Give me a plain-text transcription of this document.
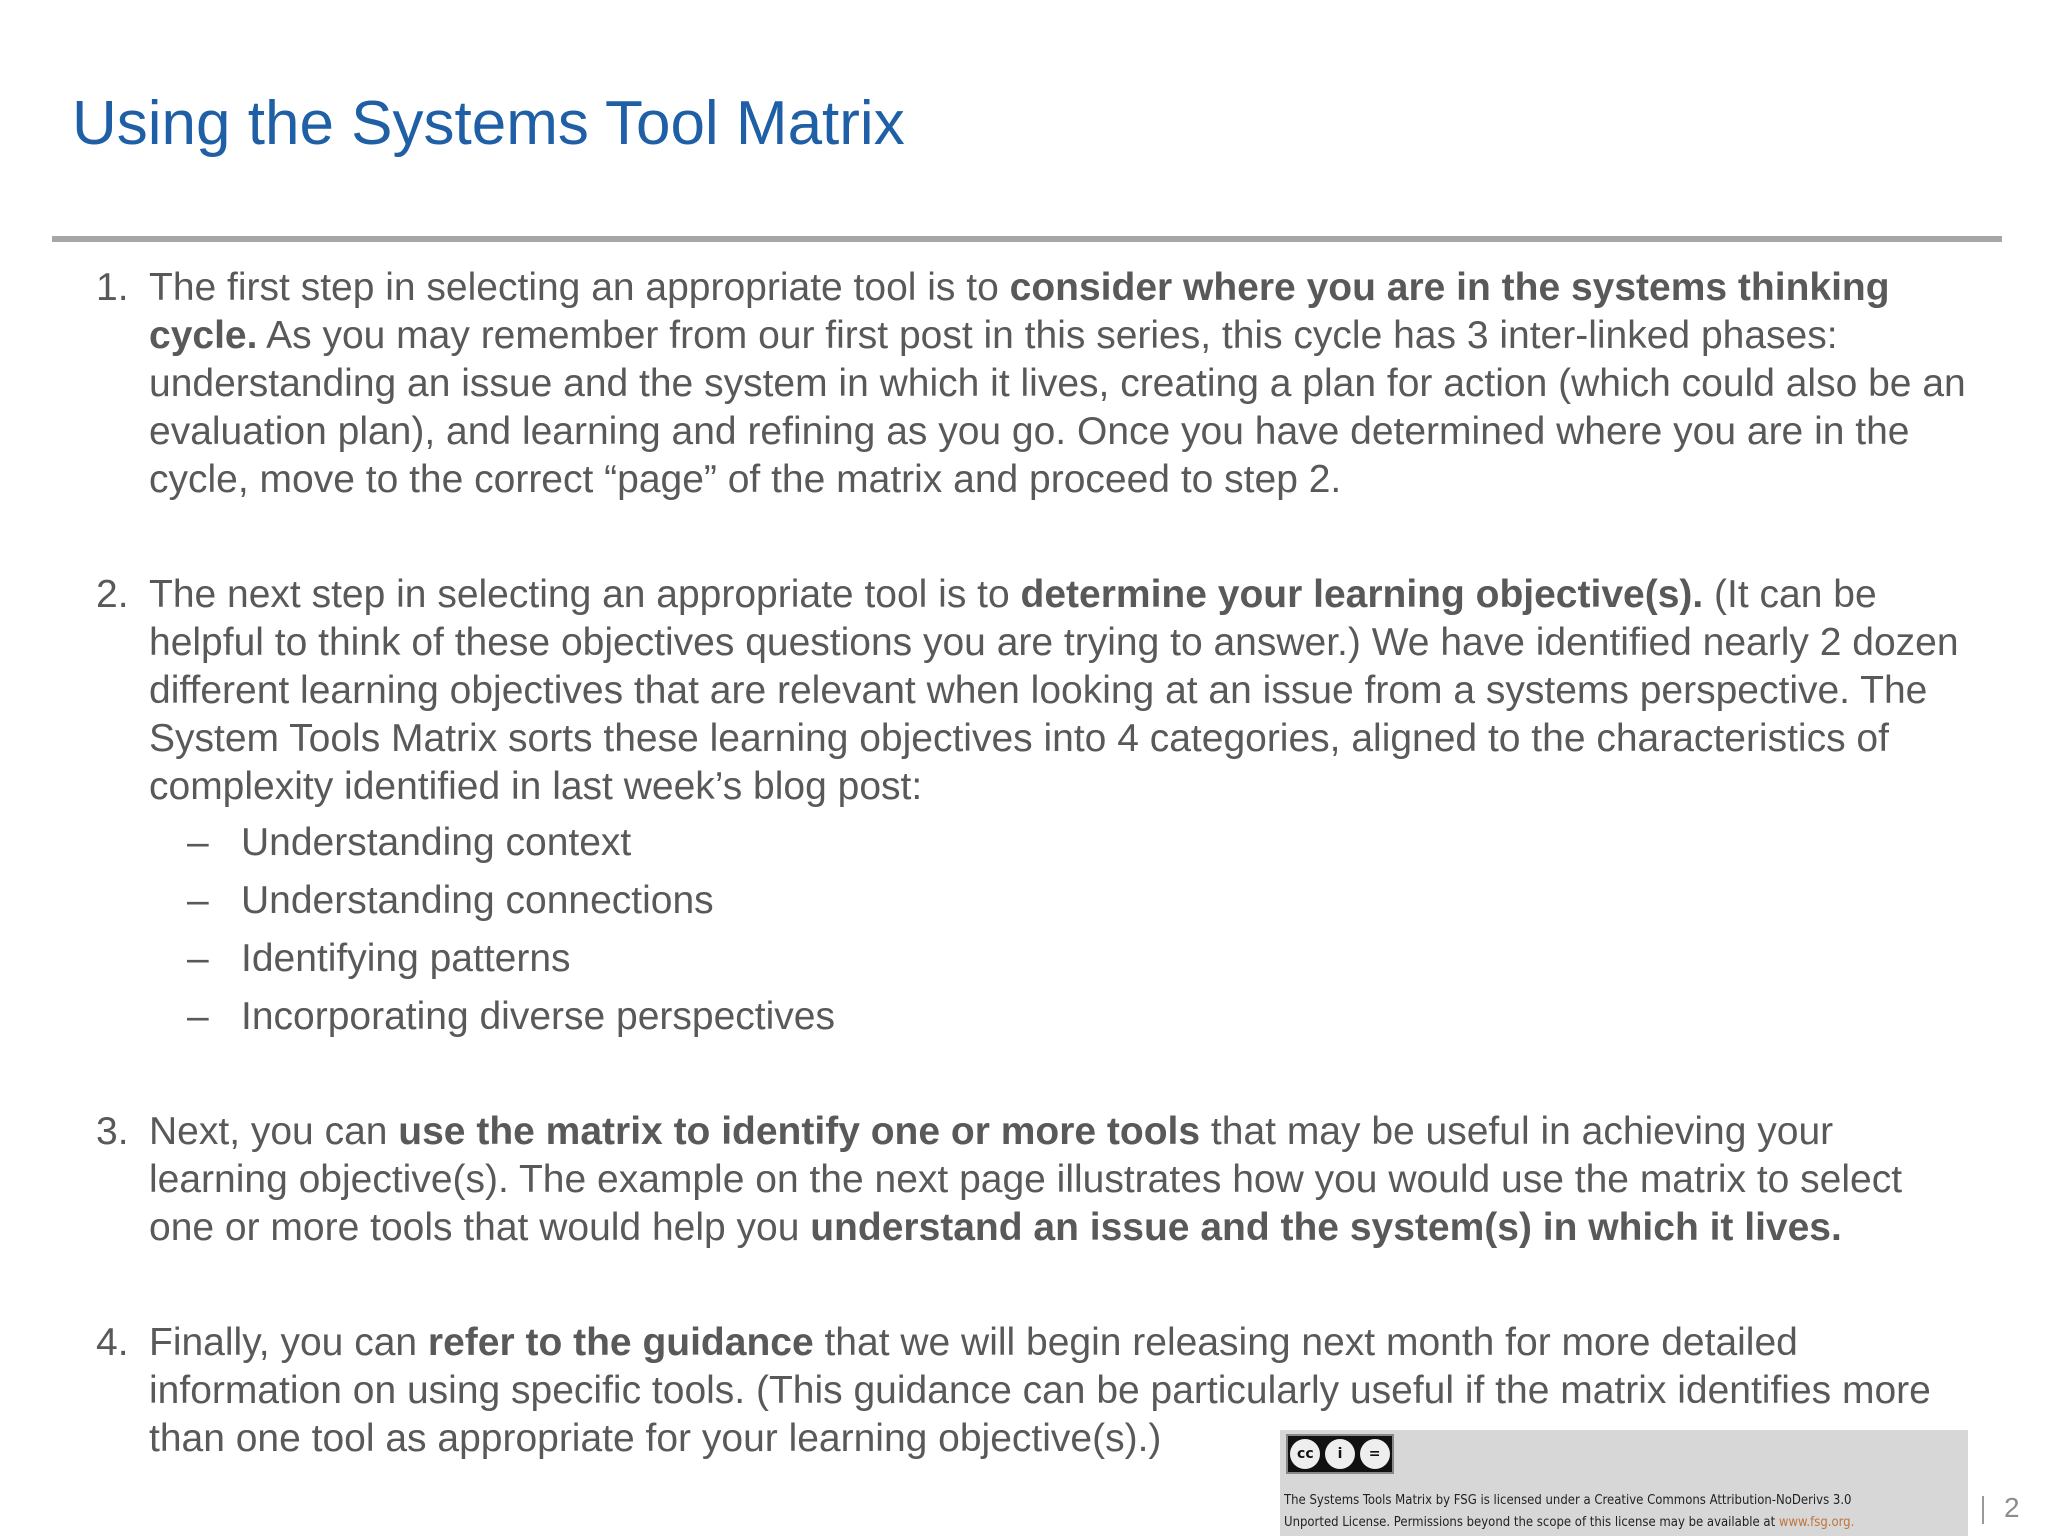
Using the Systems Tool Matrix
1. The first step in selecting an appropriate tool is to consider where you are in the systems thinking cycle. As you may remember from our first post in this series, this cycle has 3 inter-linked phases: understanding an issue and the system in which it lives, creating a plan for action (which could also be an evaluation plan), and learning and refining as you go. Once you have determined where you are in the cycle, move to the correct “page” of the matrix and proceed to step 2.
2. The next step in selecting an appropriate tool is to determine your learning objective(s). (It can be helpful to think of these objectives questions you are trying to answer.) We have identified nearly 2 dozen different learning objectives that are relevant when looking at an issue from a systems perspective. The System Tools Matrix sorts these learning objectives into 4 categories, aligned to the characteristics of complexity identified in last week’s blog post:
– Understanding context
– Understanding connections
– Identifying patterns
– Incorporating diverse perspectives
3. Next, you can use the matrix to identify one or more tools that may be useful in achieving your learning objective(s). The example on the next page illustrates how you would use the matrix to select one or more tools that would help you understand an issue and the system(s) in which it lives.
4. Finally, you can refer to the guidance that we will begin releasing next month for more detailed information on using specific tools. (This guidance can be particularly useful if the matrix identifies more than one tool as appropriate for your learning objective(s).)	cc	i	=
The Systems Tools Matrix by FSG is licensed under a Creative Commons Attribution-NoDerivs 3.0
Unported License. Permissions beyond the scope of this license may be available at www.fsg.org.	2
